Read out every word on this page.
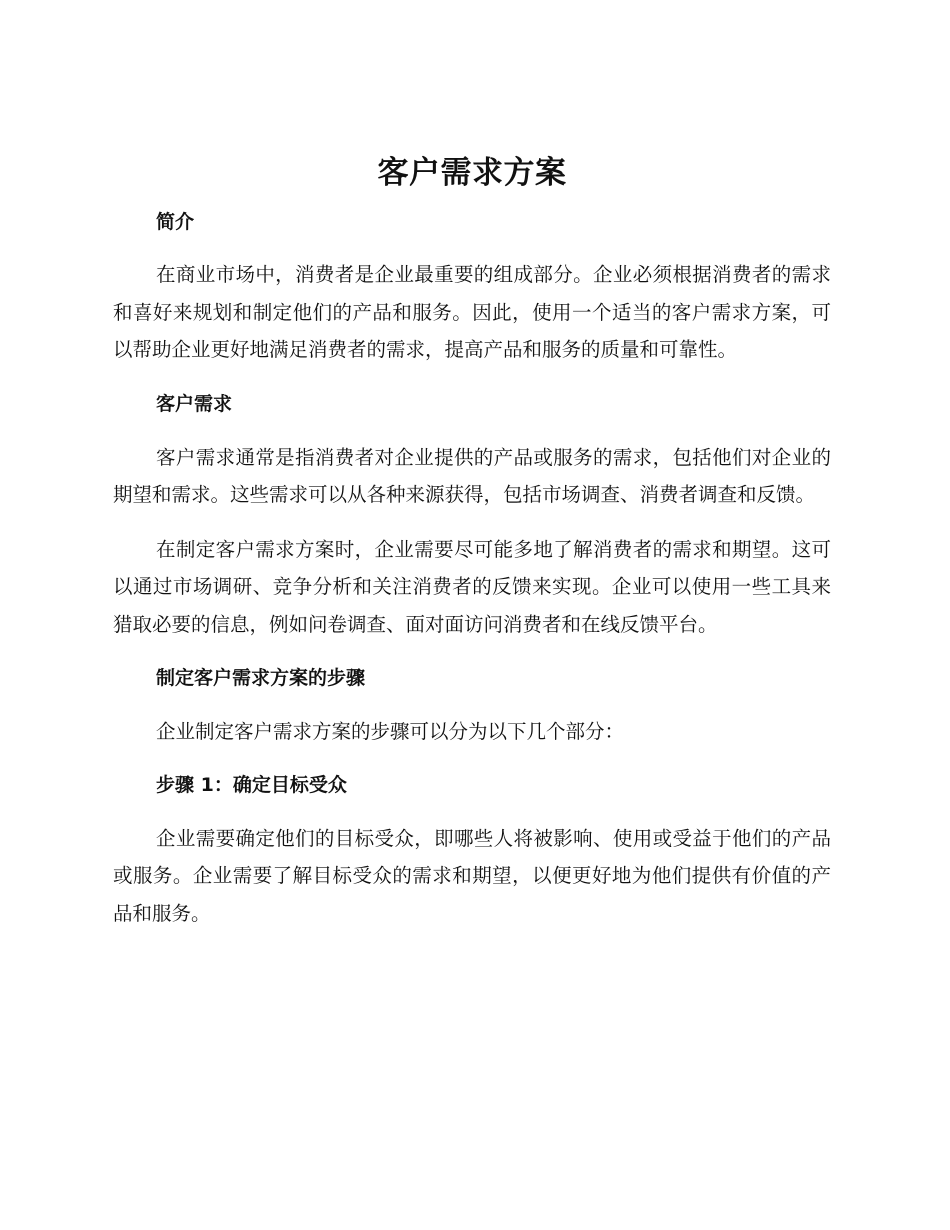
客户需求方案
简介

在商业市场中，消费者是企业最重要的组成部分。企业必须根据消费者的需求和喜好来规划和制定他们的产品和服务。因此，使用一个适当的客户需求方案，可以帮助企业更好地满足消费者的需求，提高产品和服务的质量和可靠性。

客户需求

客户需求通常是指消费者对企业提供的产品或服务的需求，包括他们对企业的期望和需求。这些需求可以从各种来源获得，包括市场调查、消费者调查和反馈。

在制定客户需求方案时，企业需要尽可能多地了解消费者的需求和期望。这可以通过市场调研、竞争分析和关注消费者的反馈来实现。企业可以使用一些工具来猎取必要的信息，例如问卷调查、面对面访问消费者和在线反馈平台。

制定客户需求方案的步骤

企业制定客户需求方案的步骤可以分为以下几个部分：

步骤 1：确定目标受众

企业需要确定他们的目标受众，即哪些人将被影响、使用或受益于他们的产品或服务。企业需要了解目标受众的需求和期望，以便更好地为他们提供有价值的产品和服务。
